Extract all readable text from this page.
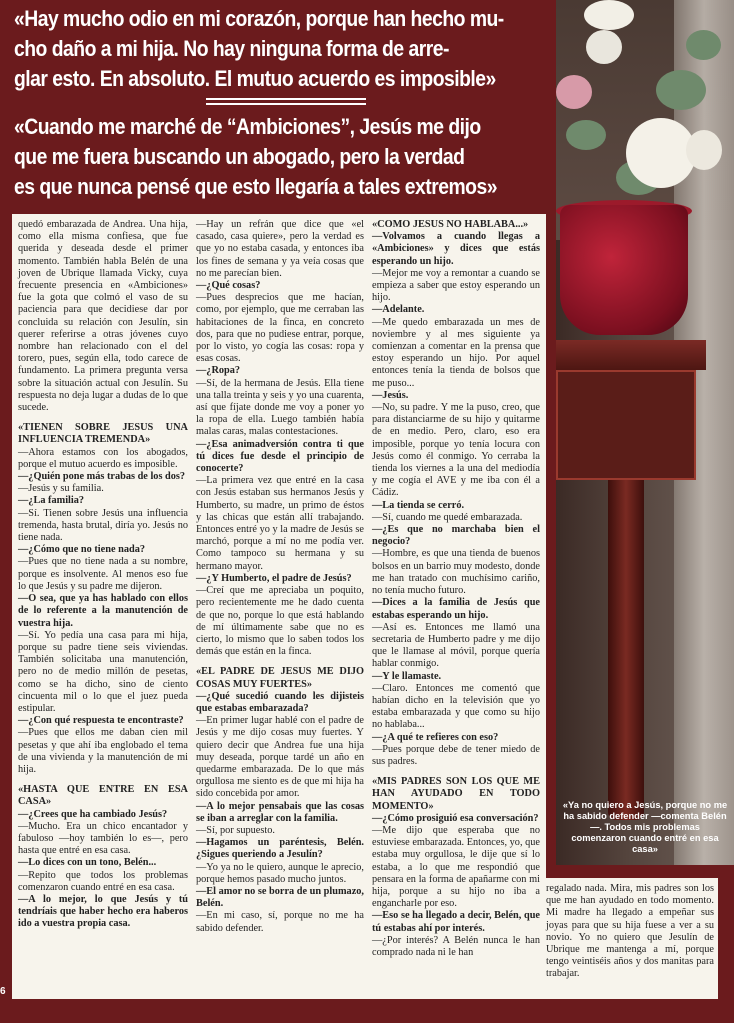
«Hay mucho odio en mi corazón, porque han hecho mu-
cho daño a mi hija. No hay ninguna forma de arre-
glar esto. En absoluto. El mutuo acuerdo es imposible»
«Cuando me marché de “Ambiciones”, Jesús me dijo
que me fuera buscando un abogado, pero la verdad
es que nunca pensé que esto llegaría a tales extremos»
«Ya no quiero a Jesús, porque no me ha sabido defender —comenta Belén—. Todos mis problemas comenzaron cuando entré en esa casa»

quedó embarazada de Andrea. Una hija, como ella misma confiesa, que fue querida y deseada desde el primer momento. También habla Belén de una joven de Ubrique llamada Vicky, cuya frecuente presencia en «Ambiciones» fue la gota que colmó el vaso de su paciencia para que decidiese dar por concluida su relación con Jesulín, sin querer referirse a otras jóvenes cuyo nombre han relacionado con el del torero, pues, según ella, todo carece de fundamento. La primera pregunta versa sobre la situación actual con Jesulín. Su respuesta no deja lugar a dudas de lo que sucede.

«TIENEN SOBRE JESUS UNA INFLUENCIA TREMENDA»

—Ahora estamos con los abogados, porque el mutuo acuerdo es imposible.

—¿Quién pone más trabas de los dos?

—Jesús y su familia.

—¿La familia?

—Sí. Tienen sobre Jesús una influencia tremenda, hasta brutal, diría yo. Jesús no tiene nada.

—¿Cómo que no tiene nada?

—Pues que no tiene nada a su nombre, porque es insolvente. Al menos eso fue lo que Jesús y su padre me dijeron.

—O sea, que ya has hablado con ellos de lo referente a la manutención de vuestra hija.

—Sí. Yo pedía una casa para mi hija, porque su padre tiene seis viviendas. También solicitaba una manutención, pero no de medio millón de pesetas, como se ha dicho, sino de ciento cincuenta mil o lo que el juez pueda estipular.

—¿Con qué respuesta te encontraste?

—Pues que ellos me daban cien mil pesetas y que ahí iba englobado el tema de una vivienda y la manutención de mi hija.

«HASTA QUE ENTRE EN ESA CASA»

—¿Crees que ha cambiado Jesús?

—Mucho. Era un chico encantador y fabuloso —hoy también lo es—, pero hasta que entré en esa casa.

—Lo dices con un tono, Belén...

—Repito que todos los problemas comenzaron cuando entré en esa casa.

—A lo mejor, lo que Jesús y tú tendríais que haber hecho era haberos ido a vuestra propia casa.

—Hay un refrán que dice que «el casado, casa quiere», pero la verdad es que yo no estaba casada, y entonces iba los fines de semana y ya veía cosas que no me parecían bien.

—¿Qué cosas?

—Pues desprecios que me hacían, como, por ejemplo, que me cerraban las habitaciones de la finca, en concreto dos, para que no pudiese entrar, porque, por lo visto, yo cogía las cosas: ropa y esas cosas.

—¿Ropa?

—Sí, de la hermana de Jesús. Ella tiene una talla treinta y seis y yo una cuarenta, así que fíjate donde me voy a poner yo la ropa de ella. Luego también había malas caras, malas contestaciones.

—¿Esa animadversión contra ti que tú dices fue desde el principio de conocerte?

—La primera vez que entré en la casa con Jesús estaban sus hermanos Jesús y Humberto, su madre, un primo de éstos y las chicas que están allí trabajando. Entonces entré yo y la madre de Jesús se marchó, porque a mí no me podía ver. Como tampoco su hermana y su hermano mayor.

—¿Y Humberto, el padre de Jesús?

—Creí que me apreciaba un poquito, pero recientemente me he dado cuenta de que no, porque lo que está hablando de mí últimamente sabe que no es cierto, lo mismo que lo saben todos los demás que están en la finca.

«EL PADRE DE JESUS ME DIJO COSAS MUY FUERTES»

—¿Qué sucedió cuando les dijisteis que estabas embarazada?

—En primer lugar hablé con el padre de Jesús y me dijo cosas muy fuertes. Y quiero decir que Andrea fue una hija muy deseada, porque tardé un año en quedarme embarazada. De lo que más orgullosa me siento es de que mi hija ha sido concebida por amor.

—A lo mejor pensabais que las cosas se iban a arreglar con la familia.

—Sí, por supuesto.

—Hagamos un paréntesis, Belén. ¿Sigues queriendo a Jesulín?

—Yo ya no le quiero, aunque le aprecio, porque hemos pasado mucho juntos.

—El amor no se borra de un plumazo, Belén.

—En mi caso, sí, porque no me ha sabido defender.

«COMO JESUS NO HABLABA...»

—Volvamos a cuando llegas a «Ambiciones» y dices que estás esperando un hijo.

—Mejor me voy a remontar a cuando se empieza a saber que estoy esperando un hijo.

—Adelante.

—Me quedo embarazada un mes de noviembre y al mes siguiente ya comienzan a comentar en la prensa que estoy esperando un hijo. Por aquel entonces tenía la tienda de bolsos que me puso...

—Jesús.

—No, su padre. Y me la puso, creo, que para distanciarme de su hijo y quitarme de en medio. Pero, claro, eso era imposible, porque yo tenía locura con Jesús como él conmigo. Yo cerraba la tienda los viernes a la una del mediodía y me cogía el AVE y me iba con él a Cádiz.

—La tienda se cerró.

—Sí, cuando me quedé embarazada.

—¿Es que no marchaba bien el negocio?

—Hombre, es que una tienda de buenos bolsos en un barrio muy modesto, donde me han tratado con muchísimo cariño, no tenía mucho futuro.

—Dices a la familia de Jesús que estabas esperando un hijo.

—Así es. Entonces me llamó una secretaria de Humberto padre y me dijo que le llamase al móvil, porque quería hablar conmigo.

—Y le llamaste.

—Claro. Entonces me comentó que habían dicho en la televisión que yo estaba embarazada y que como su hijo no hablaba...

—¿A qué te refieres con eso?

—Pues porque debe de tener miedo de sus padres.

«MIS PADRES SON LOS QUE ME HAN AYUDADO EN TODO MOMENTO»

—¿Cómo prosiguió esa conversación?

—Me dijo que esperaba que no estuviese embarazada. Entonces, yo, que estaba muy orgullosa, le dije que sí lo estaba, a lo que me respondió que pensara en la forma de apañarme con mi hija, porque a su hijo no iba a engancharle por eso.

—Eso se ha llegado a decir, Belén, que tú estabas ahí por interés.

—¿Por interés? A Belén nunca le han comprado nada ni le han

regalado nada. Mira, mis padres son los que me han ayudado en todo momento. Mi madre ha llegado a empeñar sus joyas para que su hija fuese a ver a su novio. Yo no quiero que Jesulín de Ubrique me mantenga a mí, porque tengo veintiséis años y dos manitas para trabajar.

6
